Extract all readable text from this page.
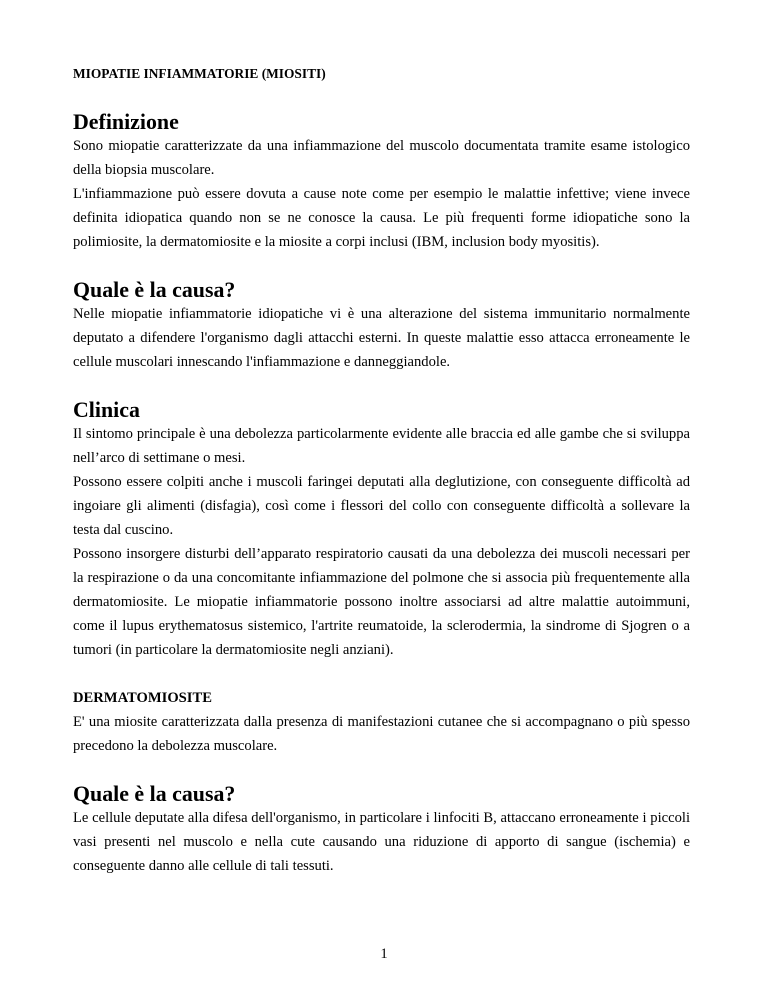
MIOPATIE INFIAMMATORIE (MIOSITI)
Definizione

Sono miopatie caratterizzate da una infiammazione del muscolo documentata tramite esame istologico della biopsia muscolare.

L'infiammazione può essere dovuta a cause note come per esempio le malattie infettive; viene invece definita idiopatica quando non se ne conosce la causa. Le più frequenti forme idiopatiche sono la polimiosite, la dermatomiosite e la miosite a corpi inclusi (IBM, inclusion body myositis).

Quale è la causa?

Nelle miopatie infiammatorie idiopatiche vi è una alterazione del sistema immunitario normalmente deputato a difendere l'organismo dagli attacchi esterni. In queste malattie esso attacca erroneamente le cellule muscolari innescando l'infiammazione e danneggiandole.

Clinica

Il sintomo principale è una debolezza particolarmente evidente alle braccia ed alle gambe che si sviluppa nell’arco di settimane o mesi.

Possono essere colpiti anche i muscoli faringei deputati alla deglutizione, con conseguente difficoltà ad ingoiare gli alimenti (disfagia), così come i flessori del collo con conseguente difficoltà a sollevare la testa dal cuscino.

Possono insorgere disturbi dell’apparato respiratorio causati da una debolezza dei muscoli necessari per la respirazione o da una concomitante infiammazione del polmone che si associa più frequentemente alla dermatomiosite. Le miopatie infiammatorie possono inoltre associarsi ad altre malattie autoimmuni, come il lupus erythematosus sistemico, l'artrite reumatoide, la sclerodermia, la sindrome di Sjogren o a tumori (in particolare la dermatomiosite negli anziani).

DERMATOMIOSITE

E' una miosite caratterizzata dalla presenza di manifestazioni cutanee che si accompagnano o più spesso precedono la debolezza muscolare.

Quale è la causa?

Le cellule deputate alla difesa dell'organismo, in particolare i linfociti B, attaccano erroneamente i piccoli vasi presenti nel muscolo e nella cute causando una riduzione di apporto di sangue (ischemia) e conseguente danno alle cellule di tali tessuti.

1
